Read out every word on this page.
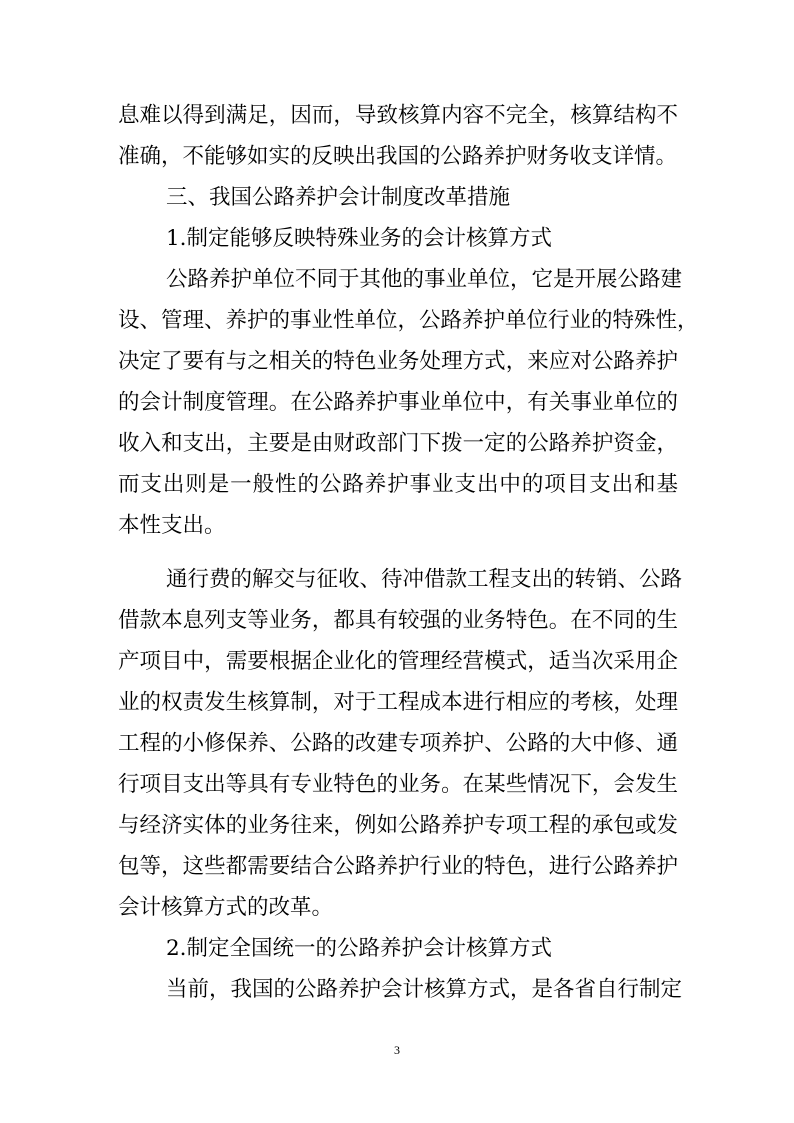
息难以得到满足，因而，导致核算内容不完全，核算结构不
准确，不能够如实的反映出我国的公路养护财务收支详情。
三、我国公路养护会计制度改革措施
1.制定能够反映特殊业务的会计核算方式
公路养护单位不同于其他的事业单位，它是开展公路建
设、管理、养护的事业性单位，公路养护单位行业的特殊性，
决定了要有与之相关的特色业务处理方式，来应对公路养护
的会计制度管理。在公路养护事业单位中，有关事业单位的
收入和支出，主要是由财政部门下拨一定的公路养护资金，
而支出则是一般性的公路养护事业支出中的项目支出和基
本性支出。
通行费的解交与征收、待冲借款工程支出的转销、公路
借款本息列支等业务，都具有较强的业务特色。在不同的生
产项目中，需要根据企业化的管理经营模式，适当次采用企
业的权责发生核算制，对于工程成本进行相应的考核，处理
工程的小修保养、公路的改建专项养护、公路的大中修、通
行项目支出等具有专业特色的业务。在某些情况下，会发生
与经济实体的业务往来，例如公路养护专项工程的承包或发
包等，这些都需要结合公路养护行业的特色，进行公路养护
会计核算方式的改革。
2.制定全国统一的公路养护会计核算方式
当前，我国的公路养护会计核算方式，是各省自行制定
3
